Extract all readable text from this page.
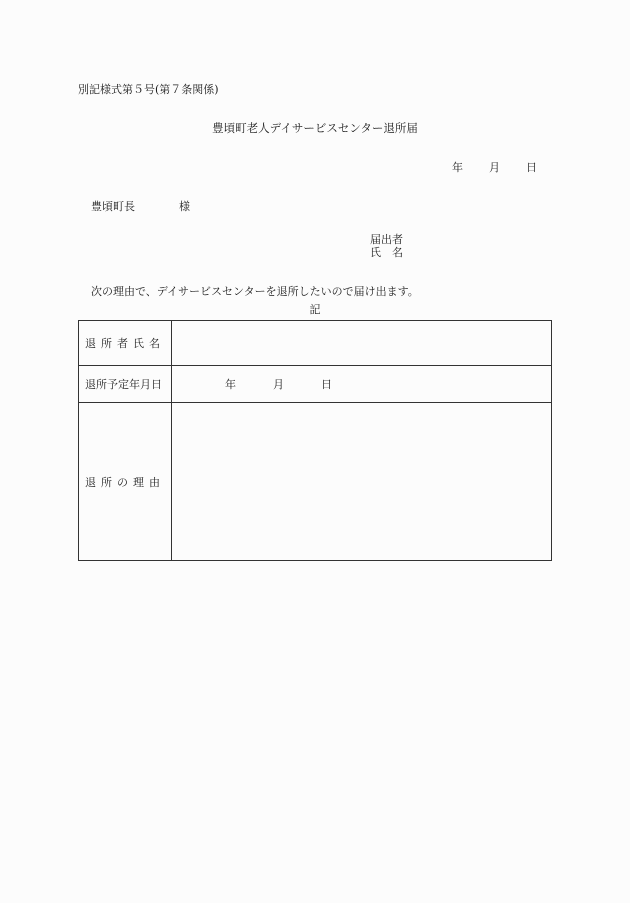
別記様式第５号(第７条関係)
豊頃町老人デイサービスセンター退所届
年 月 日
豊頃町長	様
届出者
氏　名
次の理由で、デイサービスセンターを退所したいので届け出ます。
記
退所者氏名	
退所予定年月日	年 月 日
退所の理由	
